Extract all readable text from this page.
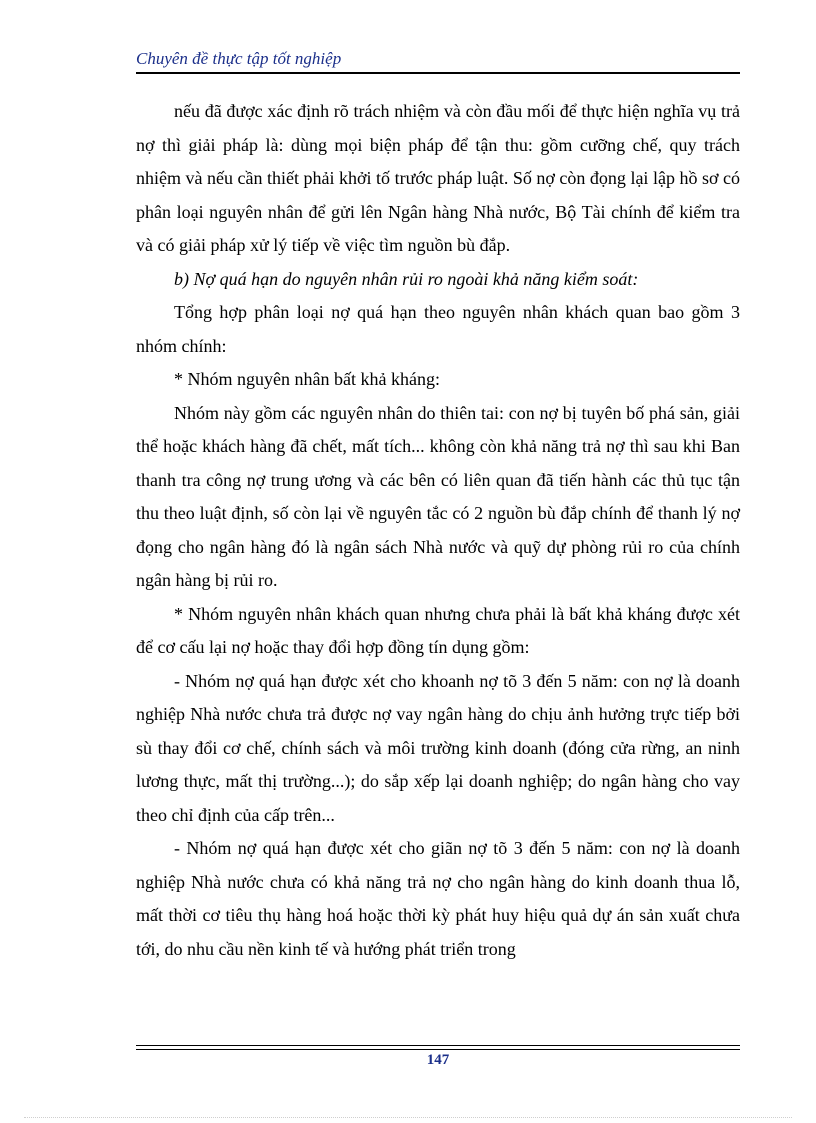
Chuyên đề thực tập tốt nghiệp

nếu đã được xác định rõ trách nhiệm và còn đầu mối để thực hiện nghĩa vụ trả nợ thì giải pháp là: dùng mọi biện pháp để tận thu: gồm cưỡng chế, quy trách nhiệm và nếu cần thiết phải khởi tố trước pháp luật. Số nợ còn đọng lại lập hồ sơ có phân loại nguyên nhân để gửi lên Ngân hàng Nhà nước, Bộ Tài chính để kiểm tra và có giải pháp xử lý tiếp về việc tìm nguồn bù đắp.

b) Nợ quá hạn do nguyên nhân rủi ro ngoài khả năng kiểm soát:

Tổng hợp phân loại nợ quá hạn theo nguyên nhân khách quan bao gồm 3 nhóm chính:

* Nhóm nguyên nhân bất khả kháng:

Nhóm này gồm các nguyên nhân do thiên tai: con nợ bị tuyên bố phá sản, giải thể hoặc khách hàng đã chết, mất tích... không còn khả năng trả nợ thì sau khi Ban thanh tra công nợ trung ương và các bên có liên quan đã tiến hành các thủ tục tận thu theo luật định, số còn lại về nguyên tắc có 2 nguồn bù đắp chính để thanh lý nợ đọng cho ngân hàng đó là ngân sách Nhà nước và quỹ dự phòng rủi ro của chính ngân hàng bị rủi ro.

* Nhóm nguyên nhân khách quan nhưng chưa phải là bất khả kháng được xét để cơ cấu lại nợ hoặc thay đổi hợp đồng tín dụng gồm:

- Nhóm nợ quá hạn được xét cho khoanh nợ tõ 3 đến 5 năm: con nợ là doanh nghiệp Nhà nước chưa trả được nợ vay ngân hàng do chịu ảnh hưởng trực tiếp bởi sù thay đổi cơ chế, chính sách và môi trường kinh doanh (đóng cửa rừng, an ninh lương thực, mất thị trường...); do sắp xếp lại doanh nghiệp; do ngân hàng cho vay theo chỉ định của cấp trên...

- Nhóm nợ quá hạn được xét cho giãn nợ tõ 3 đến 5 năm: con nợ là doanh nghiệp Nhà nước chưa có khả năng trả nợ cho ngân hàng do kinh doanh thua lỗ, mất thời cơ tiêu thụ hàng hoá hoặc thời kỳ phát huy hiệu quả dự án sản xuất chưa tới, do nhu cầu nền kinh tế và hướng phát triển trong

147
